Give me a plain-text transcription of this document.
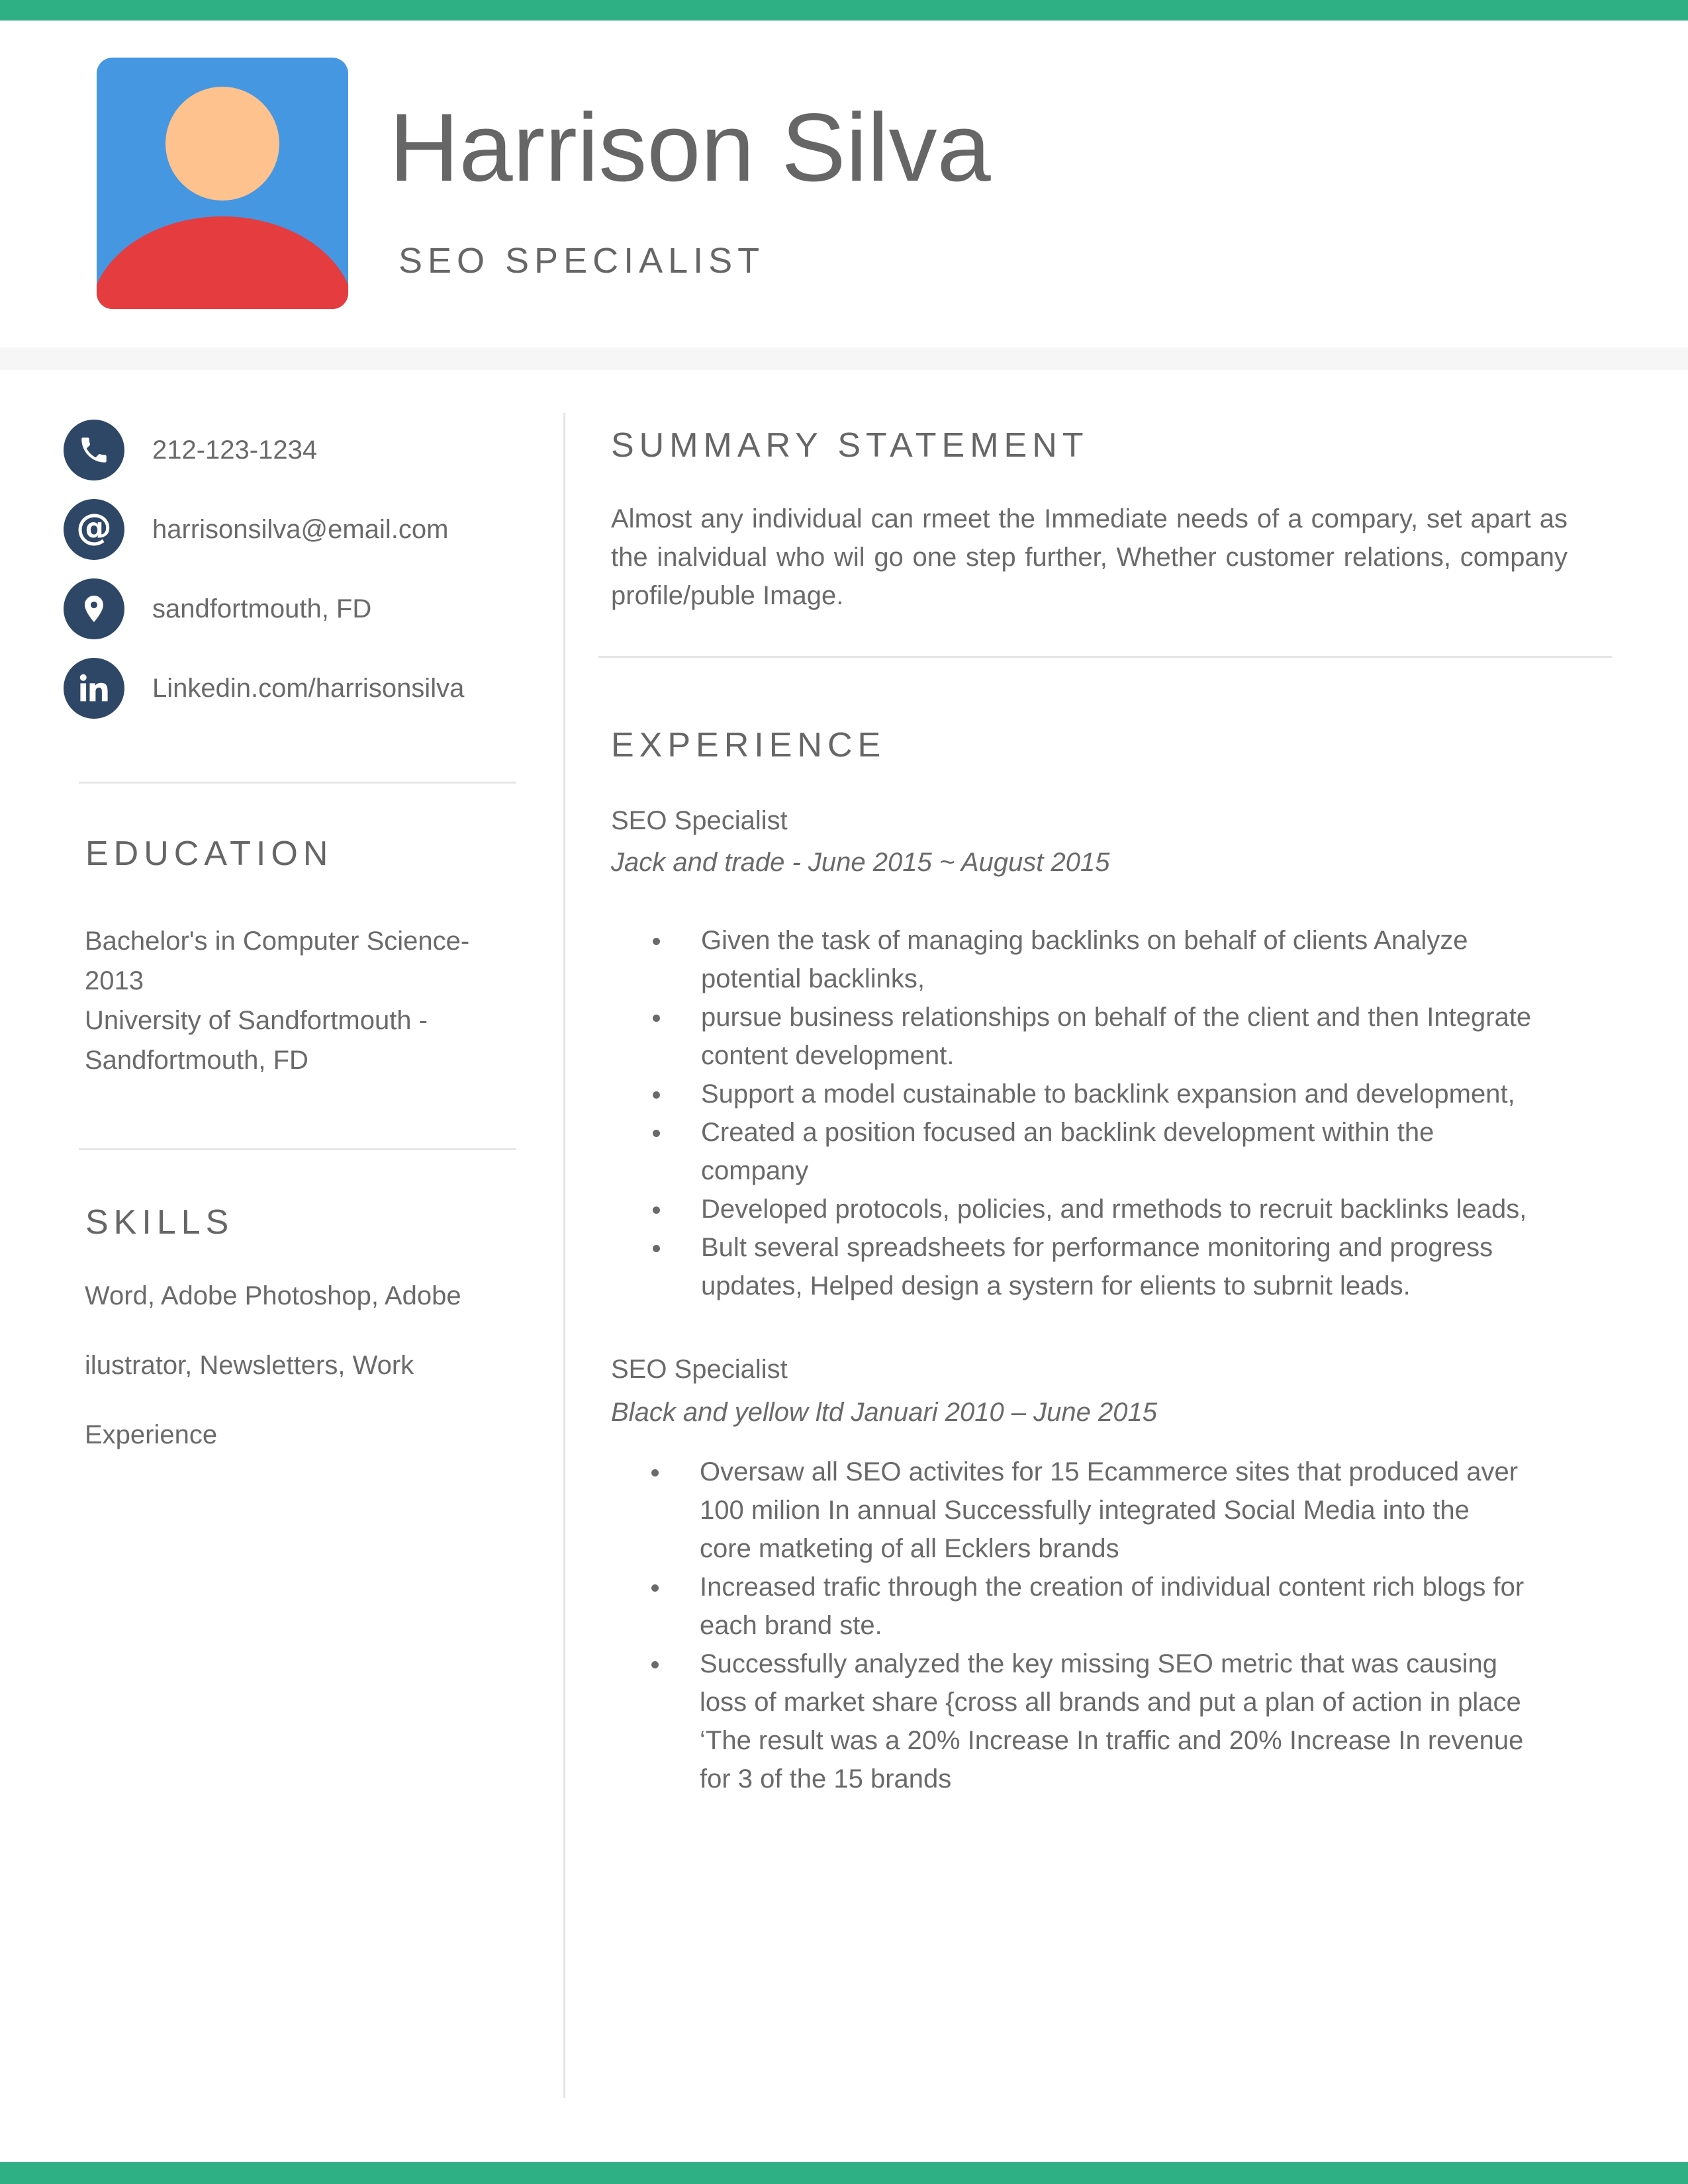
Harrison Silva
SEO SPECIALIST
212-123-1234
@ harrisonsilva@email.com
sandfortmouth, FD
Linkedin.com/harrisonsilva
EDUCATION
Bachelor's in Computer Science-
2013
University of Sandfortmouth -
Sandfortmouth, FD
SKILLS
Word, Adobe Photoshop, Adobe
ilustrator, Newsletters, Work
Experience
SUMMARY STATEMENT

Almost any individual can rmeet the Immediate needs of a compary, set apart as the inalvidual who wil go one step further, Whether customer relations, company profile/puble Image.

EXPERIENCE

SEO Specialist

Jack and trade - June 2015 ~ August 2015

Given the task of managing backlinks on behalf of clients Analyze
potential backlinks,
pursue business relationships on behalf of the client and then Integrate
content development.
Support a model custainable to backlink expansion and development,
Created a position focused an backlink development within the
company
Developed protocols, policies, and rmethods to recruit backlinks leads,
Bult several spreadsheets for performance monitoring and progress
updates, Helped design a systern for elients to subrnit leads.

SEO Specialist

Black and yellow ltd Januari 2010 – June 2015

Oversaw all SEO activites for 15 Ecammerce sites that produced aver
100 milion In annual Successfully integrated Social Media into the
core matketing of all Ecklers brands
Increased trafic through the creation of individual content rich blogs for
each brand ste.
Successfully analyzed the key missing SEO metric that was causing
loss of market share {cross all brands and put a plan of action in place
‘The result was a 20% Increase In traffic and 20% Increase In revenue
for 3 of the 15 brands
